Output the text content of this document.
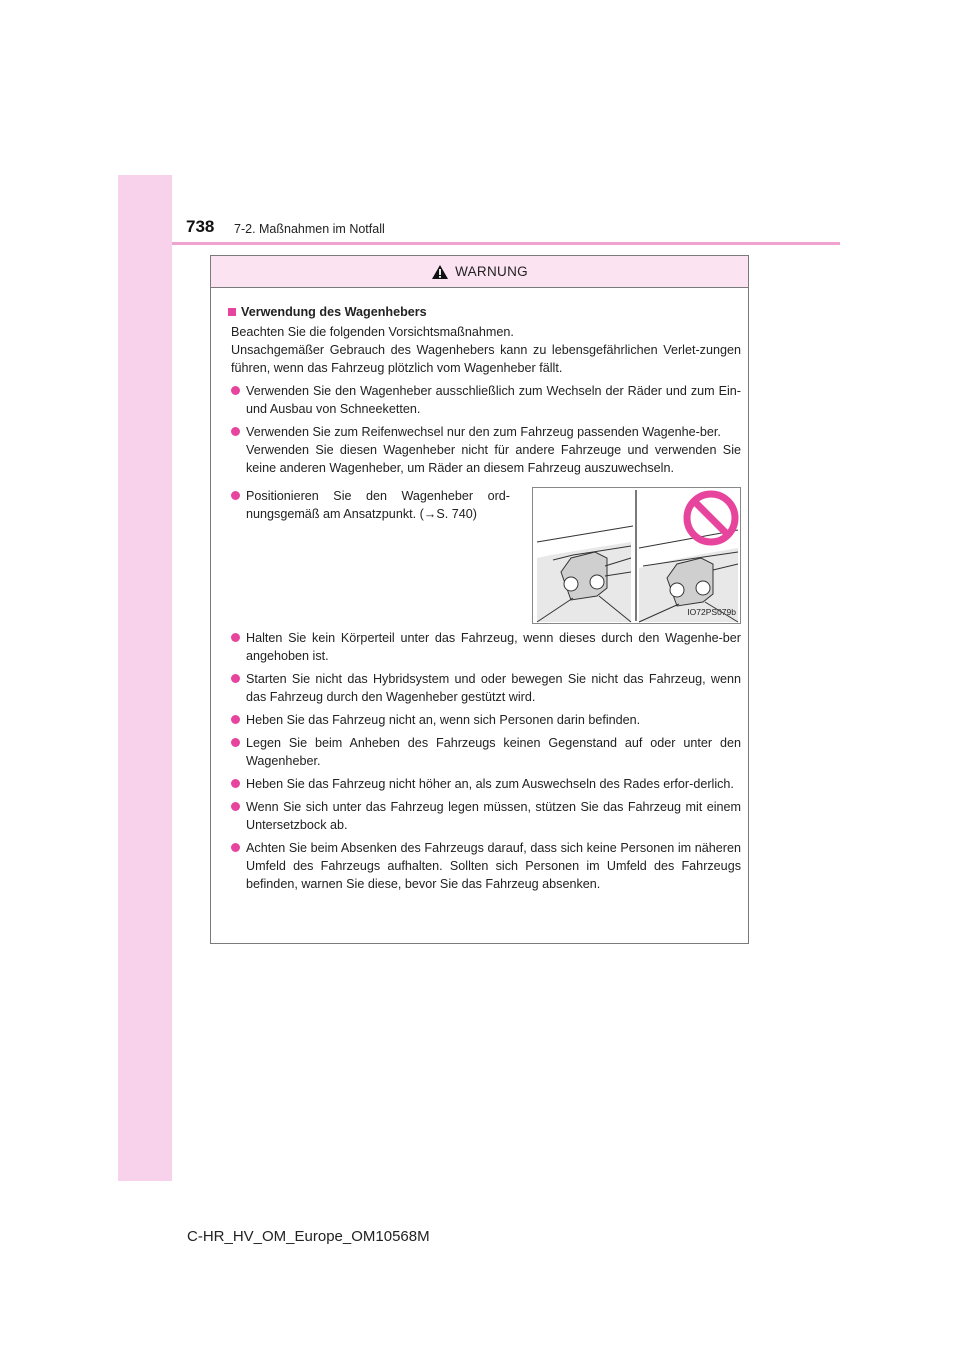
738 7-2. Maßnahmen im Notfall
WARNUNG
Verwendung des Wagenhebers
Beachten Sie die folgenden Vorsichtsmaßnahmen.
Unsachgemäßer Gebrauch des Wagenhebers kann zu lebensgefährlichen Verlet-zungen führen, wenn das Fahrzeug plötzlich vom Wagenheber fällt.
Verwenden Sie den Wagenheber ausschließlich zum Wechseln der Räder und zum Ein- und Ausbau von Schneeketten.
Verwenden Sie zum Reifenwechsel nur den zum Fahrzeug passenden Wagenhe-ber.
Verwenden Sie diesen Wagenheber nicht für andere Fahrzeuge und verwenden Sie keine anderen Wagenheber, um Räder an diesem Fahrzeug auszuwechseln.
Positionieren Sie den Wagenheber ord-nungsgemäß am Ansatzpunkt. (→S. 740)
IO72PS079b
Halten Sie kein Körperteil unter das Fahrzeug, wenn dieses durch den Wagenhe-ber angehoben ist.
Starten Sie nicht das Hybridsystem und oder bewegen Sie nicht das Fahrzeug, wenn das Fahrzeug durch den Wagenheber gestützt wird.
Heben Sie das Fahrzeug nicht an, wenn sich Personen darin befinden.
Legen Sie beim Anheben des Fahrzeugs keinen Gegenstand auf oder unter den Wagenheber.
Heben Sie das Fahrzeug nicht höher an, als zum Auswechseln des Rades erfor-derlich.
Wenn Sie sich unter das Fahrzeug legen müssen, stützen Sie das Fahrzeug mit einem Untersetzbock ab.
Achten Sie beim Absenken des Fahrzeugs darauf, dass sich keine Personen im näheren Umfeld des Fahrzeugs aufhalten. Sollten sich Personen im Umfeld des Fahrzeugs befinden, warnen Sie diese, bevor Sie das Fahrzeug absenken.
C-HR_HV_OM_Europe_OM10568M
